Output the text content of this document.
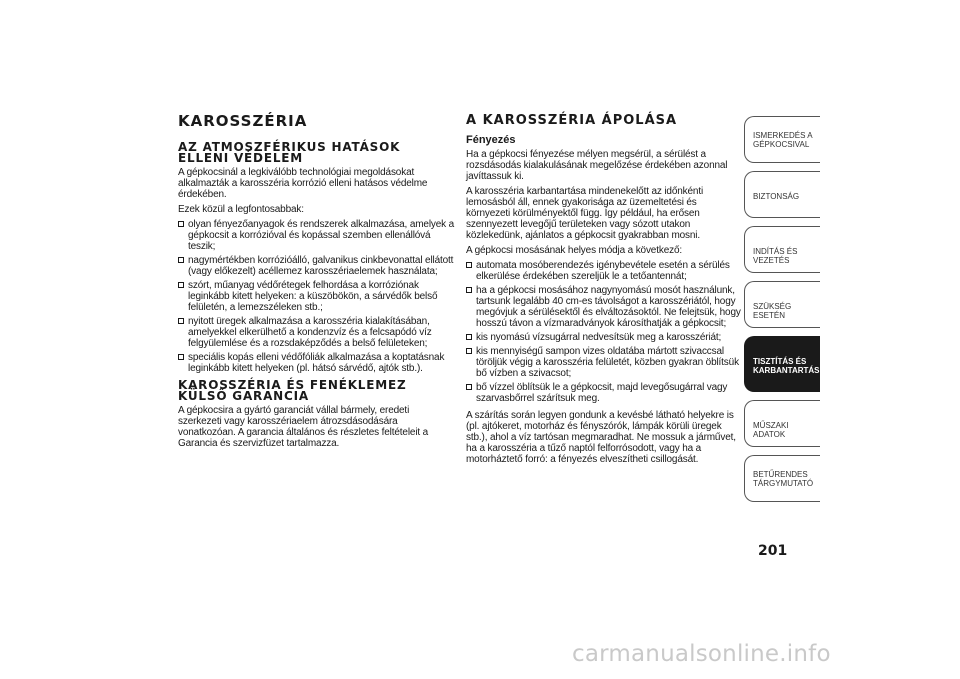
KAROSSZÉRIA
AZ ATMOSZFÉRIKUS HATÁSOK ELLENI VÉDELEM

A gépkocsinál a legkiválóbb technológiai megoldásokat alkalmazták a karosszéria korrózió elleni hatásos védelme érdekében.

Ezek közül a legfontosabbak:

olyan fényezőanyagok és rendszerek alkalmazása, amelyek a gépkocsit a korrózióval és kopással szemben ellenállóvá teszik;
nagymértékben korrózióálló, galvanikus cinkbevonattal ellátott (vagy előkezelt) acéllemez karosszériaelemek használata;
szórt, műanyag védőrétegek felhordása a korróziónak leginkább kitett helyeken: a küszöbökön, a sárvédők belső felületén, a lemezszéleken stb.;
nyitott üregek alkalmazása a karosszéria kialakításában, amelyekkel elkerülhető a kondenzvíz és a felcsapódó víz felgyülemlése és a rozsdaképződés a belső felületeken;
speciális kopás elleni védőfóliák alkalmazása a koptatásnak leginkább kitett helyeken (pl. hátsó sárvédő, ajtók stb.).
KAROSSZÉRIA ÉS FENÉKLEMEZ KÜLSŐ GARANCIA

A gépkocsira a gyártó garanciát vállal bármely, eredeti szerkezeti vagy karosszériaelem átrozsdásodására vonatkozóan. A garancia általános és részletes feltételeit a Garancia és szervizfüzet tartalmazza.

A KAROSSZÉRIA ÁPOLÁSA
Fényezés

Ha a gépkocsi fényezése mélyen megsérül, a sérülést a rozsdásodás kialakulásának megelőzése érdekében azonnal javíttassuk ki.

A karosszéria karbantartása mindenekelőtt az időnkénti lemosásból áll, ennek gyakorisága az üzemeltetési és környezeti körülményektől függ. Így például, ha erősen szennyezett levegőjű területeken vagy sózott utakon közlekedünk, ajánlatos a gépkocsit gyakrabban mosni.

A gépkocsi mosásának helyes módja a következő:

automata mosóberendezés igénybevétele esetén a sérülés elkerülése érdekében szereljük le a tetőantennát;
ha a gépkocsi mosásához nagynyomású mosót használunk, tartsunk legalább 40 cm-es távolságot a karosszériától, hogy megóvjuk a sérülésektől és elváltozásoktól. Ne felejtsük, hogy hosszú távon a vízmaradványok károsíthatják a gépkocsit;
kis nyomású vízsugárral nedvesítsük meg a karosszériát;
kis mennyiségű sampon vizes oldatába mártott szivaccsal töröljük végig a karosszéria felületét, közben gyakran öblítsük bő vízben a szivacsot;
bő vízzel öblítsük le a gépkocsit, majd levegősugárral vagy szarvasbőrrel szárítsuk meg.

A szárítás során legyen gondunk a kevésbé látható helyekre is (pl. ajtókeret, motorház és fényszórók, lámpák körüli üregek stb.), ahol a víz tartósan megmaradhat. Ne mossuk a járművet, ha a karosszéria a tűző naptól felforrósodott, vagy ha a motorháztető forró: a fényezés elveszítheti csillogását.

ISMERKEDÉS A GÉPKOCSIVAL
BIZTONSÁG
INDÍTÁS ÉS VEZETÉS
SZÜKSÉG ESETÉN
TISZTÍTÁS ÉS KARBANTARTÁS
MŰSZAKI ADATOK
BETŰRENDES TÁRGYMUTATÓ
201
carmanualsonline.info
